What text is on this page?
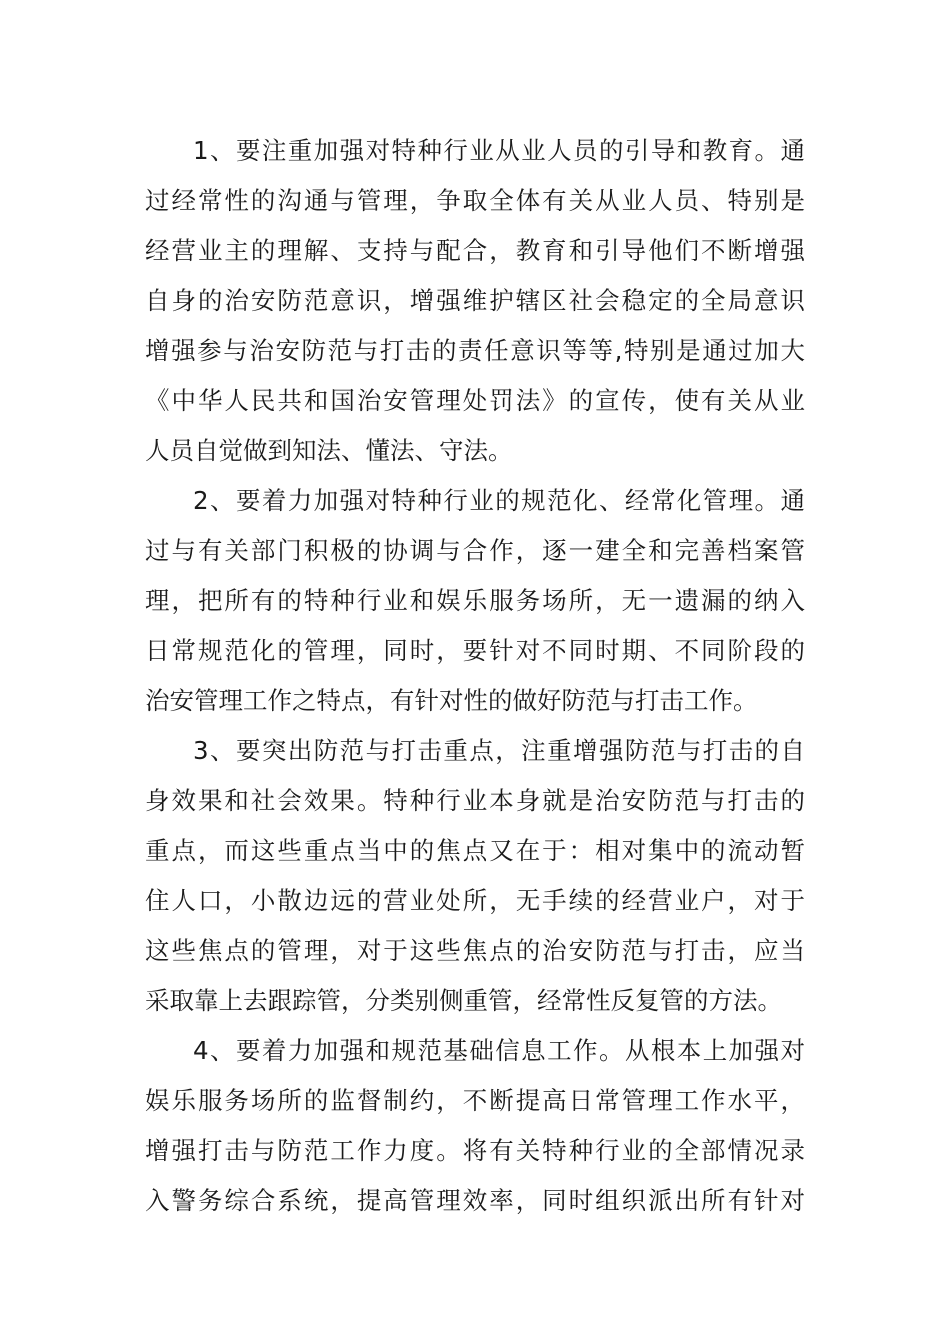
1、要注重加强对特种行业从业人员的引导和教育。通
过经常性的沟通与管理，争取全体有关从业人员、特别是
经营业主的理解、支持与配合，教育和引导他们不断增强
自身的治安防范意识，增强维护辖区社会稳定的全局意识
增强参与治安防范与打击的责任意识等等,特别是通过加大
《中华人民共和国治安管理处罚法》的宣传，使有关从业
人员自觉做到知法、懂法、守法。
2、要着力加强对特种行业的规范化、经常化管理。通
过与有关部门积极的协调与合作，逐一建全和完善档案管
理，把所有的特种行业和娱乐服务场所，无一遗漏的纳入
日常规范化的管理，同时，要针对不同时期、不同阶段的
治安管理工作之特点，有针对性的做好防范与打击工作。
3、要突出防范与打击重点，注重增强防范与打击的自
身效果和社会效果。特种行业本身就是治安防范与打击的
重点，而这些重点当中的焦点又在于：相对集中的流动暂
住人口，小散边远的营业处所，无手续的经营业户，对于
这些焦点的管理，对于这些焦点的治安防范与打击，应当
采取靠上去跟踪管，分类别侧重管，经常性反复管的方法。
4、要着力加强和规范基础信息工作。从根本上加强对
娱乐服务场所的监督制约，不断提高日常管理工作水平，
增强打击与防范工作力度。将有关特种行业的全部情况录
入警务综合系统，提高管理效率，同时组织派出所有针对
